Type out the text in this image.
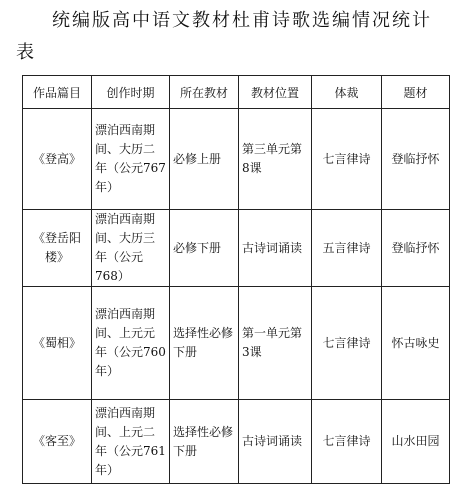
统编版高中语文教材杜甫诗歌选编情况统计表
作品篇目	创作时期	所在教材	教材位置	体裁	题材
《登高》	漂泊西南期间、大历二年（公元767年）	必修上册	第三单元第8课	七言律诗	登临抒怀
《登岳阳楼》	漂泊西南期间、大历三年（公元768）	必修下册	古诗词诵读	五言律诗	登临抒怀
《蜀相》	漂泊西南期间、上元元年（公元760年）	选择性必修下册	第一单元第3课	七言律诗	怀古咏史
《客至》	漂泊西南期间、上元二年（公元761年）	选择性必修下册	古诗词诵读	七言律诗	山水田园
